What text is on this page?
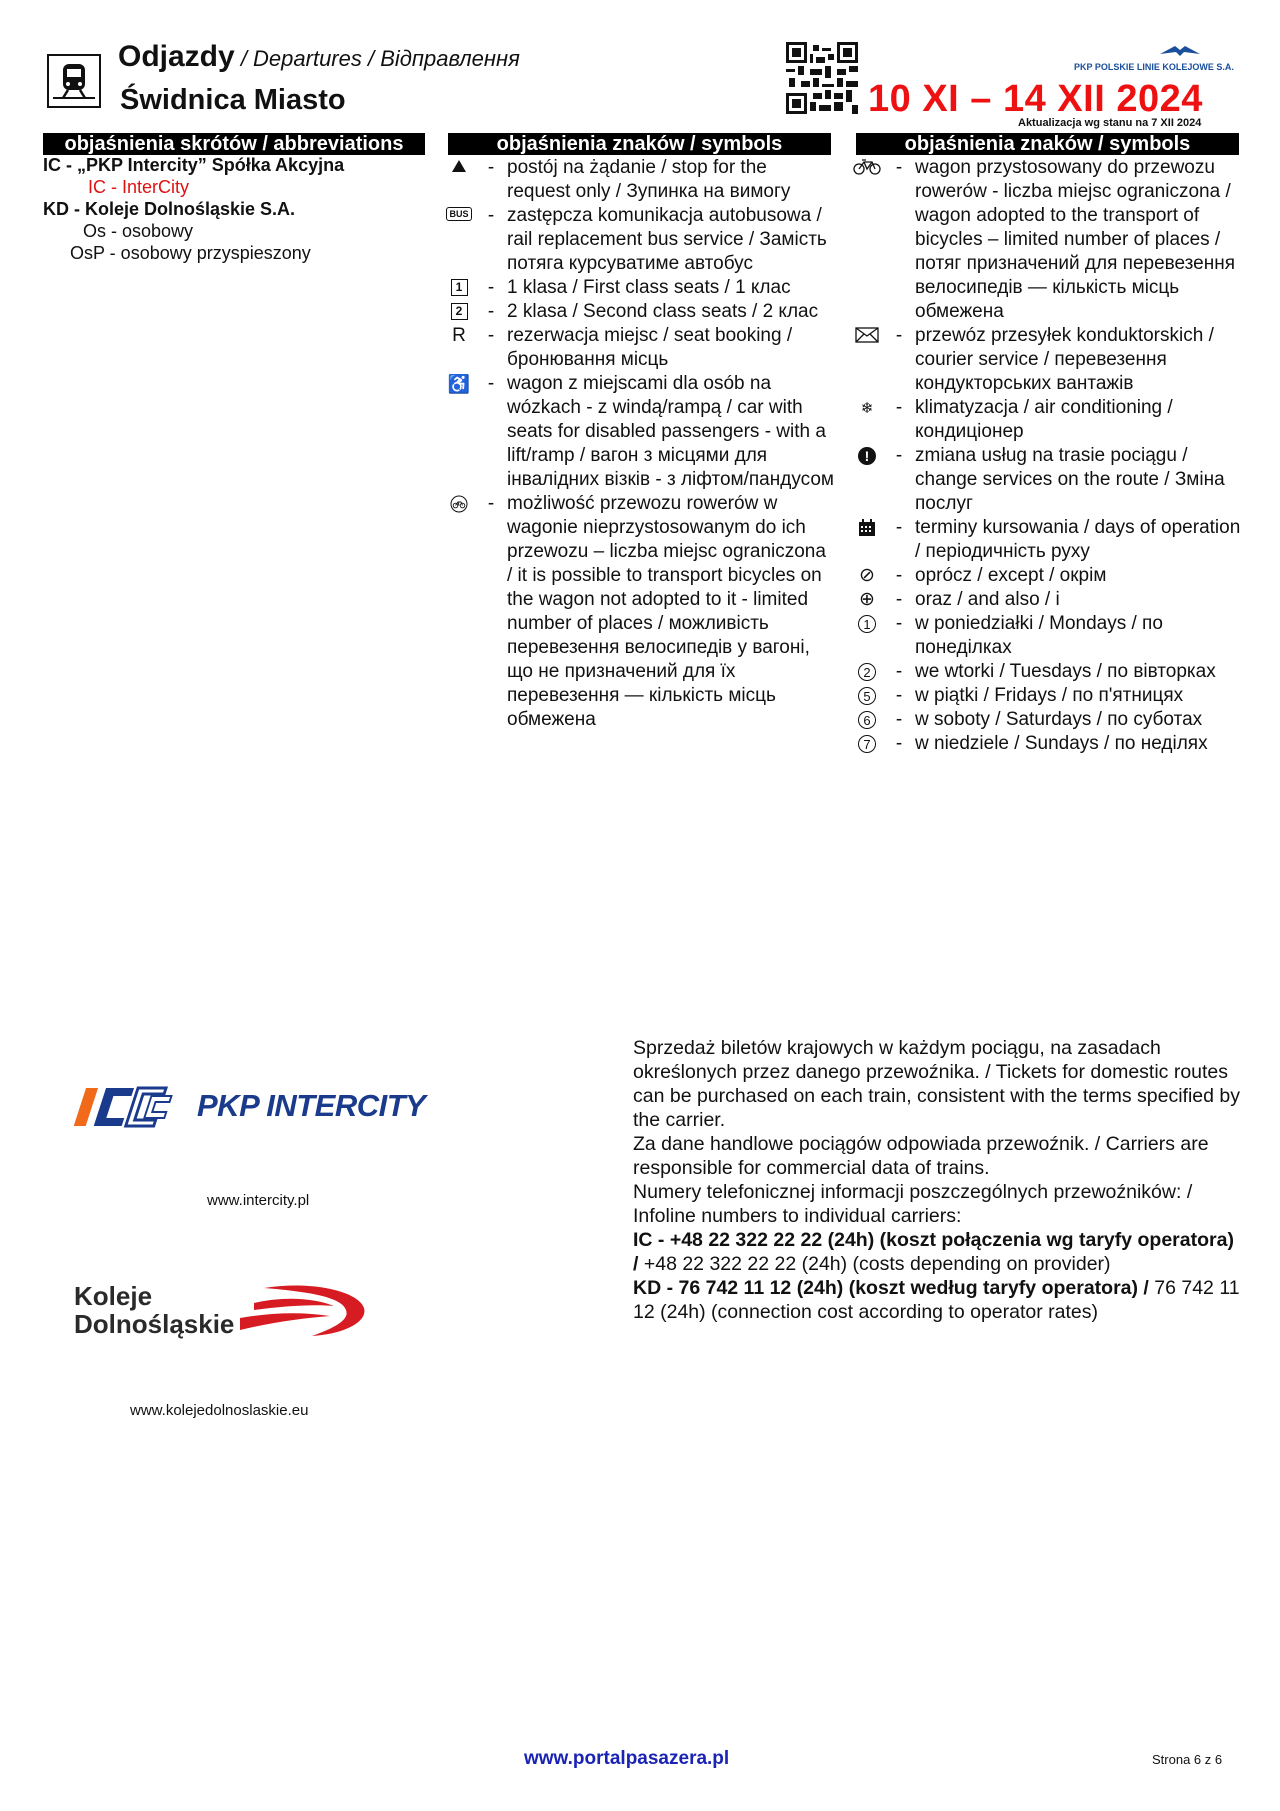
Odjazdy / Departures / Відправлення
Świdnica Miasto
PKP POLSKIE LINIE KOLEJOWE S.A.
10 XI – 14 XII 2024
Aktualizacja wg stanu na 7 XII 2024
objaśnienia skrótów / abbreviations	objaśnienia znaków / symbols	objaśnienia znaków / symbols
IC - „PKP Intercity” Spółka Akcyjna
IC - InterCity
KD - Koleje Dolnośląskie S.A.
Os - osobowy
OsP - osobowy przyspieszony
- postój na żądanie / stop for the request only / Зупинка на вимогу
BUS	- zastępcza komunikacja autobusowa / rail replacement bus service / Замість потяга курсуватиме автобус
1	- 1 klasa / First class seats / 1 клас
2	- 2 klasa / Second class seats / 2 клас
R	- rezerwacja miejsc / seat booking / бронювання місць
♿ - wagon z miejscami dla osób na wózkach - z windą/rampą / car with seats for disabled passengers - with a lift/ramp / вагон з місцями для інвалідних візків - з ліфтом/пандусом
- możliwość przewozu rowerów w wagonie nieprzystosowanym do ich przewozu – liczba miejsc ograniczona / it is possible to transport bicycles on the wagon not adopted to it - limited number of places / можливість перевезення велосипедів у вагоні, що не призначений для їх перевезення — кількість місць обмежена
- wagon przystosowany do przewozu rowerów - liczba miejsc ograniczona / wagon adopted to the transport of bicycles – limited number of places / потяг призначений для перевезення велосипедів — кількість місць обмежена
- przewóz przesyłek konduktorskich / courier service / перевезення кондукторських вантажів
❄	- klimatyzacja / air conditioning / кондиціонер
!	- zmiana usług na trasie pociągu / change services on the route / Зміна послуг
- terminy kursowania / days of operation / періодичність руху
⊘	- oprócz / except / окрім
⊕	- oraz / and also / і
1	- w poniedziałki / Mondays / по понеділках
2	- we wtorki / Tuesdays / по вівторках
5	- w piątki / Fridays / по п'ятницях
6	- w soboty / Saturdays / по суботах
7	- w niedziele / Sundays / по неділях
PKP INTERCITY
www.intercity.pl
Koleje
Dolnośląskie
www.kolejedolnoslaskie.eu

Sprzedaż biletów krajowych w każdym pociągu, na zasadach określonych przez danego przewoźnika. / Tickets for domestic routes can be purchased on each train, consistent with the terms specified by the carrier.

Za dane handlowe pociągów odpowiada przewoźnik. / Carriers are responsible for commercial data of trains.

Numery telefonicznej informacji poszczególnych przewoźników: / Infoline numbers to individual carriers:

IC - +48 22 322 22 22 (24h) (koszt połączenia wg taryfy operatora) / +48 22 322 22 22 (24h) (costs depending on provider)

KD - 76 742 11 12 (24h) (koszt według taryfy operatora) / 76 742 11 12 (24h) (connection cost according to operator rates)

www.portalpasazera.pl	Strona 6 z 6
